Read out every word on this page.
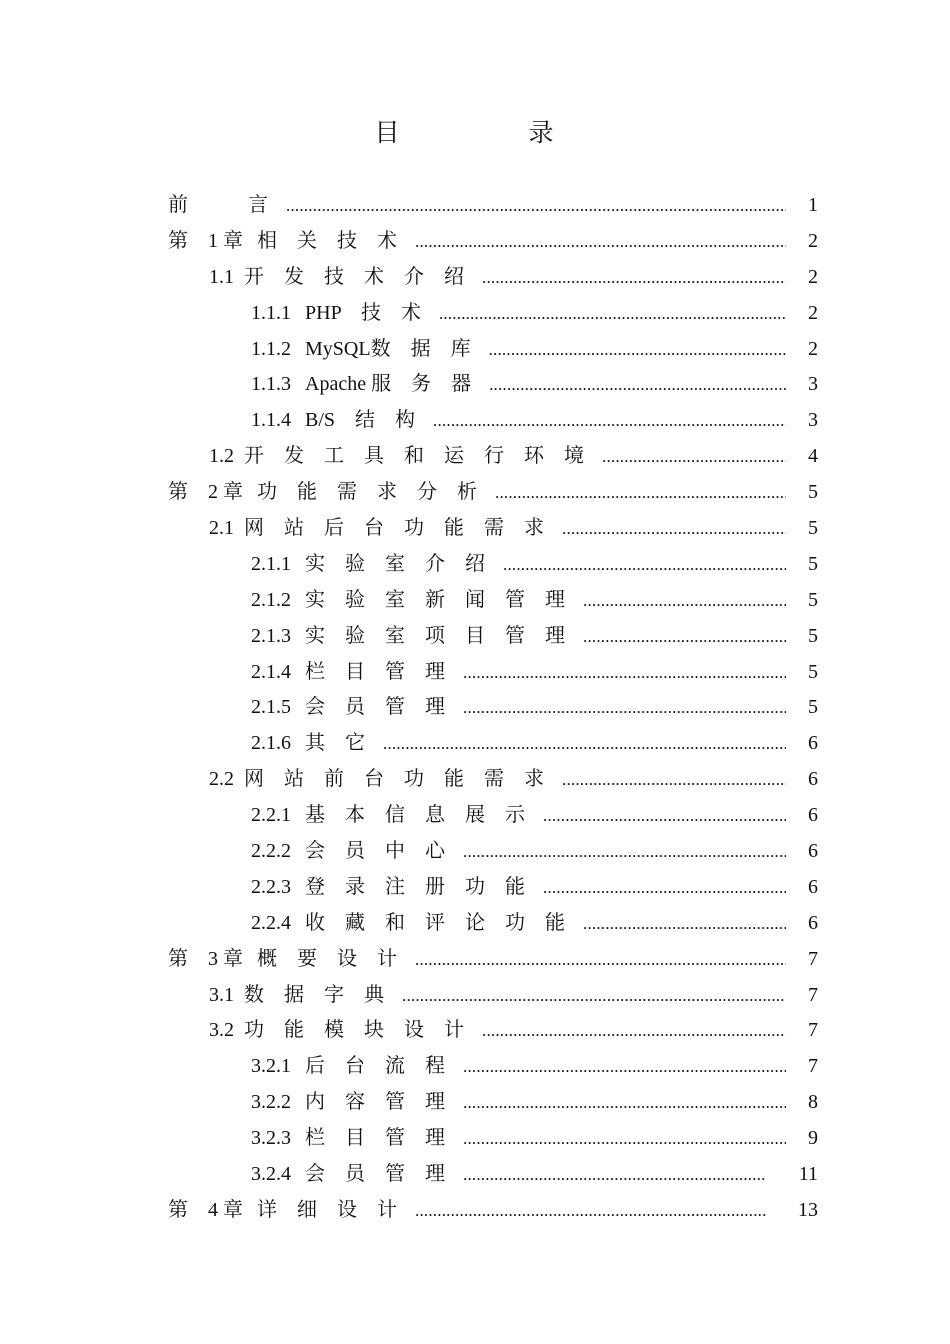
目　录
前　　　言 .....	1
第　1 章 相　关　技　术 .....	2
1.1 开　发　技　术　介　绍 .....	2
1.1.1 PHP　技　术 .....	2
1.1.2 MySQL数　据　库 .....	2
1.1.3 Apache 服　务　器 .....	3
1.1.4 B/S　结　构 .....	3
1.2 开　发　工　具　和　运　行　环　境 .....	4
第　2 章 功　能　需　求　分　析 .....	5
2.1 网　站　后　台　功　能　需　求 .....	5
2.1.1 实　验　室　介　绍 .....	5
2.1.2 实　验　室　新　闻　管　理 .....	5
2.1.3 实　验　室　项　目　管　理 .....	5
2.1.4 栏　目　管　理 .....	5
2.1.5 会　员　管　理 .....	5
2.1.6 其　它 .....	6
2.2 网　站　前　台　功　能　需　求 .....	6
2.2.1 基　本　信　息　展　示 .....	6
2.2.2 会　员　中　心 .....	6
2.2.3 登　录　注　册　功　能 .....	6
2.2.4 收　藏　和　评　论　功　能 .....	6
第　3 章 概　要　设　计 .....	7
3.1 数　据　字　典 .....	7
3.2 功　能　模　块　设　计 .....	7
3.2.1 后　台　流　程 .....	7
3.2.2 内　容　管　理 .....	8
3.2.3 栏　目　管　理 .....	9
3.2.4 会　员　管　理 .....	11
第　4 章 详　细　设　计 .....	13
